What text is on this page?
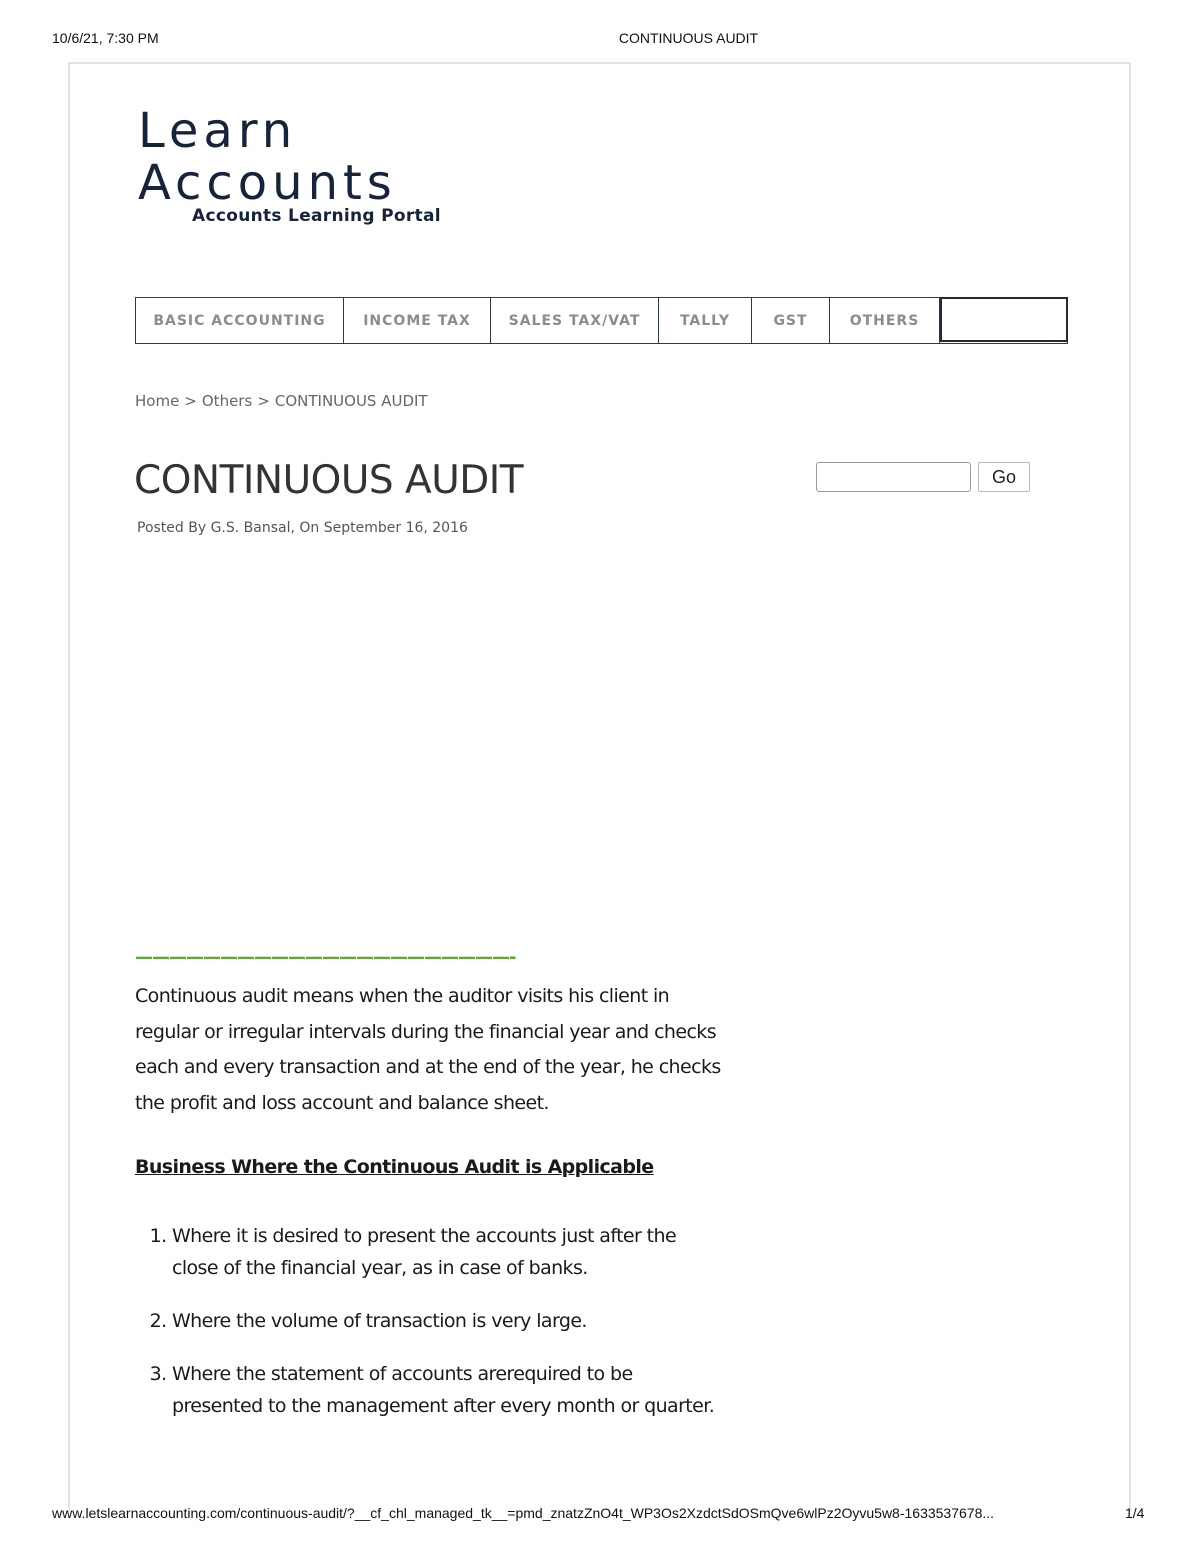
10/6/21, 7:30 PM	CONTINUOUS AUDIT
Learn
Accounts
Accounts Learning Portal
BASIC ACCOUNTING	INCOME TAX	SALES TAX/VAT	TALLY	GST	OTHERS
Home > Others > CONTINUOUS AUDIT
CONTINUOUS AUDIT
Posted By G.S. Bansal, On September 16, 2016
Go
——————————————————————-

Continuous audit means when the auditor visits his client in regular or irregular intervals during the financial year and checks each and every transaction and at the end of the year, he checks the profit and loss account and balance sheet.

Business Where the Continuous Audit is Applicable
1. Where it is desired to present the accounts just after the close of the financial year, as in case of banks.
2. Where the volume of transaction is very large.
3. Where the statement of accounts arerequired to be presented to the management after every month or quarter.
www.letslearnaccounting.com/continuous-audit/?__cf_chl_managed_tk__=pmd_znatzZnO4t_WP3Os2XzdctSdOSmQve6wlPz2Oyvu5w8-1633537678...	1/4
